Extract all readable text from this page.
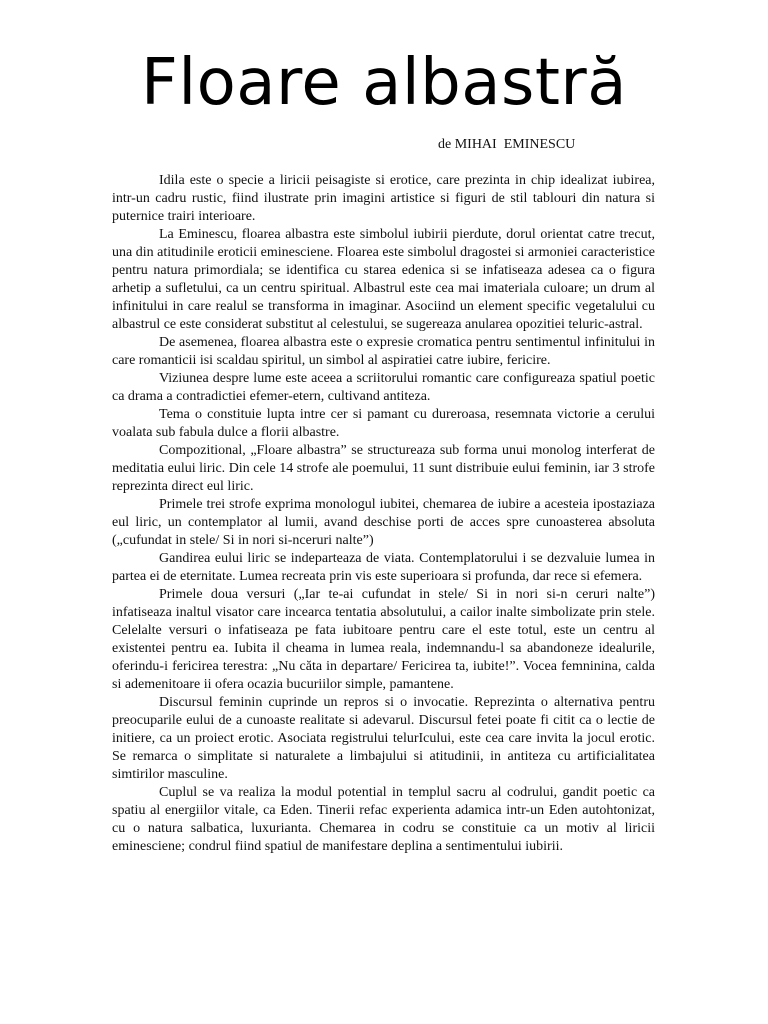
Floare albastră
de MIHAI  EMINESCU

Idila este o specie a liricii peisagiste si erotice, care prezinta in chip idealizat iubirea, intr-un cadru rustic, fiind ilustrate prin imagini artistice si figuri de stil tablouri din natura si puternice trairi interioare.

La Eminescu, floarea albastra este simbolul iubirii pierdute, dorul orientat catre trecut, una din atitudinile eroticii eminesciene. Floarea este simbolul dragostei si armoniei caracteristice pentru natura primordiala; se identifica cu starea edenica si se infatiseaza adesea ca o figura arhetip a sufletului, ca un centru spiritual. Albastrul este cea mai imateriala culoare; un drum al infinitului in care realul se transforma in imaginar. Asociind un element specific vegetalului cu albastrul ce este considerat substitut al celestului, se sugereaza anularea opozitiei teluric-astral.

De asemenea, floarea albastra este o expresie cromatica pentru sentimentul infinitului in care romanticii isi scaldau spiritul, un simbol al aspiratiei catre iubire, fericire.

Viziunea despre lume este aceea a scriitorului romantic care configureaza spatiul poetic ca drama a contradictiei efemer-etern, cultivand antiteza.

Tema o constituie lupta intre cer si pamant cu dureroasa, resemnata victorie a cerului voalata sub fabula dulce a florii albastre.

Compozitional, „Floare albastra” se structureaza sub forma unui monolog interferat de meditatia eului liric. Din cele 14 strofe ale poemului, 11 sunt distribuie eului feminin, iar 3 strofe reprezinta direct eul liric.

Primele trei strofe exprima monologul iubitei, chemarea de iubire a acesteia ipostaziaza eul liric, un contemplator al lumii, avand deschise porti de acces spre cunoasterea absoluta („cufundat in stele/ Si in nori si-nceruri nalte”)

Gandirea eului liric se indeparteaza de viata. Contemplatorului i se dezvaluie lumea in partea ei de eternitate. Lumea recreata prin vis este superioara si profunda, dar rece si efemera.

Primele doua versuri („Iar te-ai cufundat in stele/ Si in nori si-n ceruri nalte”) infatiseaza inaltul visator care incearca tentatia absolutului, a cailor inalte simbolizate prin stele. Celelalte versuri o infatiseaza pe fata iubitoare pentru care el este totul, este un centru al existentei pentru ea. Iubita il cheama in lumea reala, indemnandu-l sa abandoneze idealurile, oferindu-i fericirea terestra: „Nu căta in departare/ Fericirea ta, iubite!”. Vocea femninina, calda si ademenitoare ii ofera ocazia bucuriilor simple, pamantene.

Discursul feminin cuprinde un repros si o invocatie. Reprezinta o alternativa pentru preocuparile eului de a cunoaste realitate si adevarul. Discursul fetei poate fi citit ca o lectie de initiere, ca un proiect erotic. Asociata registrului telurIcului, este cea care invita la jocul erotic. Se remarca o simplitate si naturalete a limbajului si atitudinii, in antiteza cu artificialitatea simtirilor masculine.

Cuplul se va realiza la modul potential in templul sacru al codrului, gandit poetic ca spatiu al energiilor vitale, ca Eden. Tinerii refac experienta adamica intr-un Eden autohtonizat, cu o natura salbatica, luxurianta. Chemarea in codru se constituie ca un motiv al liricii eminesciene; condrul fiind spatiul de manifestare deplina a sentimentului iubirii.
